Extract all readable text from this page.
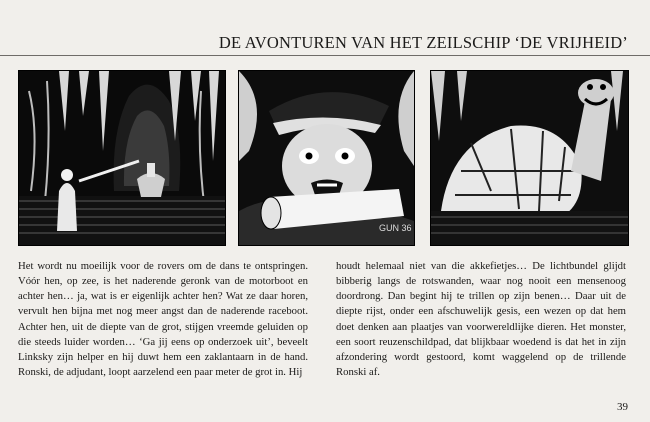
DE AVONTUREN VAN HET ZEILSCHIP ‘DE VRIJHEID’
GUN 36
Het wordt nu moeilijk voor de rovers om de dans te ontspringen. Vóór hen, op zee, is het naderende geronk van de motorboot en achter hen… ja, wat is er eigenlijk achter hen? Wat ze daar horen, vervult hen bijna met nog meer angst dan de naderende raceboot. Achter hen, uit de diepte van de grot, stijgen vreemde geluiden op die steeds luider worden… ‘Ga jij eens op onderzoek uit’, beveelt Linksky zijn helper en hij duwt hem een zaklantaarn in de hand. Ronski, de adjudant, loopt aarzelend een paar meter de grot in. Hij
houdt helemaal niet van die akkefietjes… De lichtbundel glijdt bibberig langs de rotswanden, waar nog nooit een mensenoog doordrong. Dan begint hij te trillen op zijn benen… Daar uit de diepte rijst, onder een afschuwelijk gesis, een wezen op dat hem doet denken aan plaatjes van voorwereldlijke dieren. Het monster, een soort reuzenschildpad, dat blijkbaar woedend is dat het in zijn afzondering wordt gestoord, komt waggelend op de trillende Ronski af.
39
